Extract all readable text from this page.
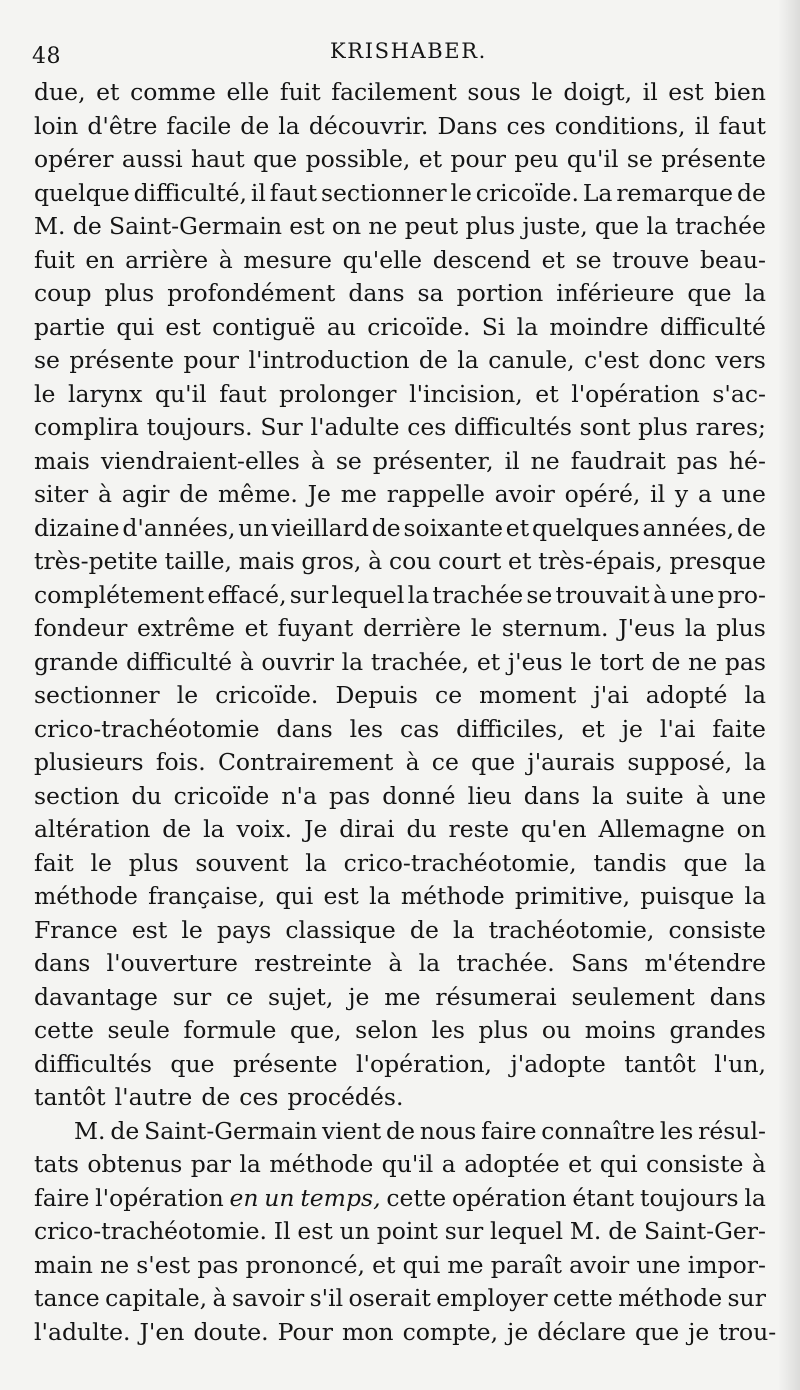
48	KRISHABER.
due, et comme elle fuit facilement sous le doigt, il est bien
loin d'être facile de la découvrir. Dans ces conditions, il faut
opérer aussi haut que possible, et pour peu qu'il se présente
quelque difficulté, il faut sectionner le cricoïde. La remarque de
M. de Saint-Germain est on ne peut plus juste, que la trachée
fuit en arrière à mesure qu'elle descend et se trouve beau-
coup plus profondément dans sa portion inférieure que la
partie qui est contiguë au cricoïde. Si la moindre difficulté
se présente pour l'introduction de la canule, c'est donc vers
le larynx qu'il faut prolonger l'incision, et l'opération s'ac-
complira toujours. Sur l'adulte ces difficultés sont plus rares;
mais viendraient-elles à se présenter, il ne faudrait pas hé-
siter à agir de même. Je me rappelle avoir opéré, il y a une
dizaine d'années, un vieillard de soixante et quelques années, de
très-petite taille, mais gros, à cou court et très-épais, presque
complétement effacé, sur lequel la trachée se trouvait à une pro-
fondeur extrême et fuyant derrière le sternum. J'eus la plus
grande difficulté à ouvrir la trachée, et j'eus le tort de ne pas
sectionner le cricoïde. Depuis ce moment j'ai adopté la
crico-trachéotomie dans les cas difficiles, et je l'ai faite
plusieurs fois. Contrairement à ce que j'aurais supposé, la
section du cricoïde n'a pas donné lieu dans la suite à une
altération de la voix. Je dirai du reste qu'en Allemagne on
fait le plus souvent la crico-trachéotomie, tandis que la
méthode française, qui est la méthode primitive, puisque la
France est le pays classique de la trachéotomie, consiste
dans l'ouverture restreinte à la trachée. Sans m'étendre
davantage sur ce sujet, je me résumerai seulement dans
cette seule formule que, selon les plus ou moins grandes
difficultés que présente l'opération, j'adopte tantôt l'un,
tantôt l'autre de ces procédés.
M. de Saint-Germain vient de nous faire connaître les résul-
tats obtenus par la méthode qu'il a adoptée et qui consiste à
faire l'opération en un temps, cette opération étant toujours la
crico-trachéotomie. Il est un point sur lequel M. de Saint-Ger-
main ne s'est pas prononcé, et qui me paraît avoir une impor-
tance capitale, à savoir s'il oserait employer cette méthode sur
l'adulte. J'en doute. Pour mon compte, je déclare que je trou-
